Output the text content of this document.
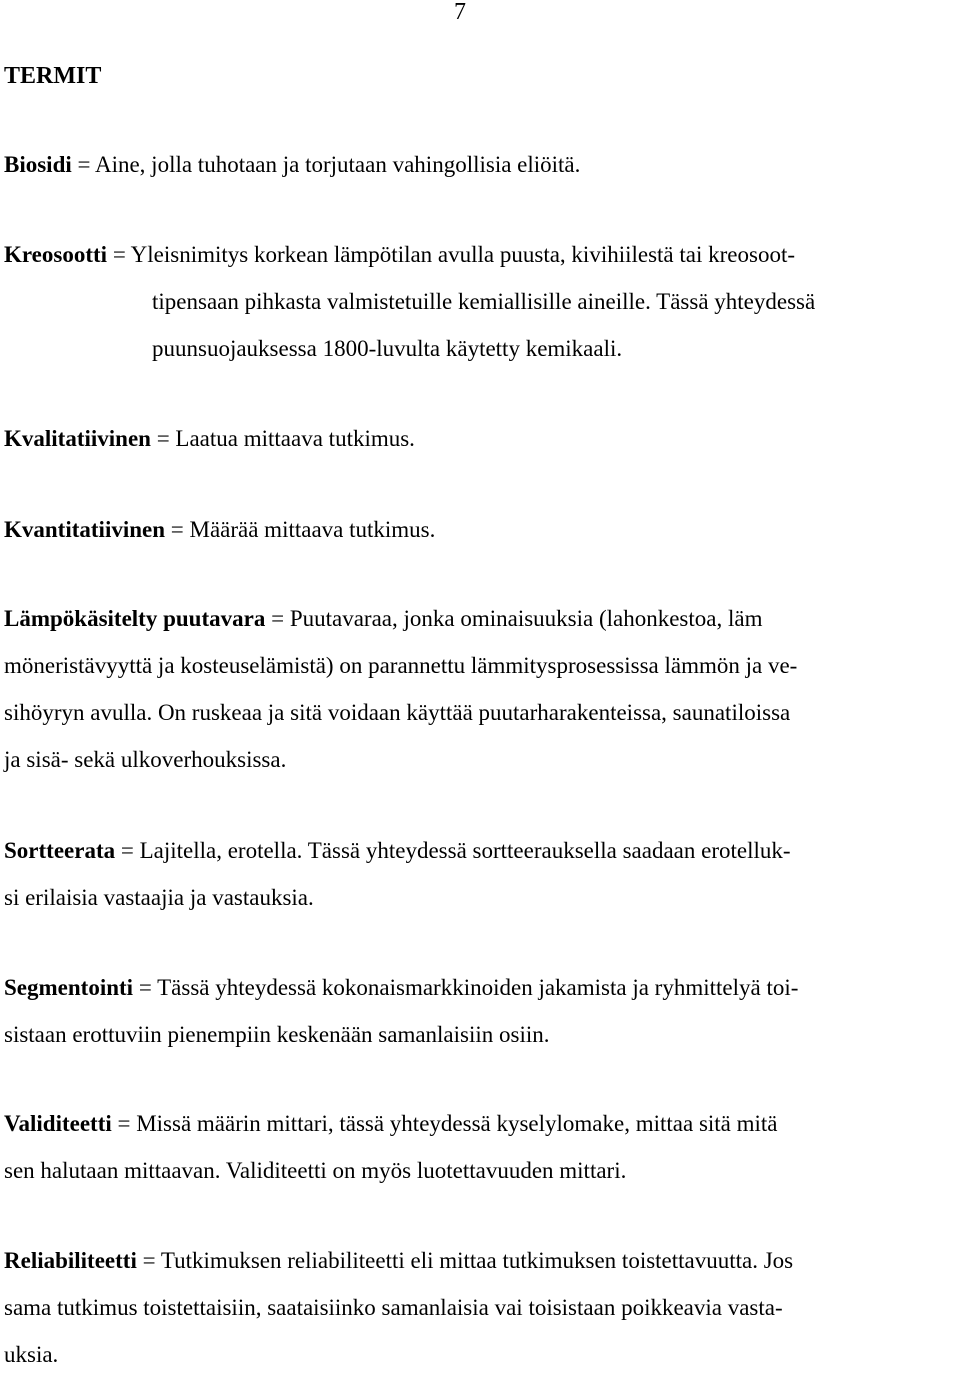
7
TERMIT

Biosidi = Aine, jolla tuhotaan ja torjutaan vahingollisia eliöitä.

Kreosootti = Yleisnimitys korkean lämpötilan avulla puusta, kivihiilestä tai kreosoot-
tipensaan pihkasta valmistetuille kemiallisille aineille. Tässä yhteydessä
puunsuojauksessa 1800-luvulta käytetty kemikaali.

Kvalitatiivinen = Laatua mittaava tutkimus.

Kvantitatiivinen = Määrää mittaava tutkimus.

Lämpökäsitelty puutavara = Puutavaraa, jonka ominaisuuksia (lahonkestoa, läm
möneristävyyttä ja kosteuselämistä) on parannettu lämmitysprosessissa lämmön ja ve-
sihöyryn avulla. On ruskeaa ja sitä voidaan käyttää puutarharakenteissa, saunatiloissa
ja sisä- sekä ulkoverhouksissa.

Sortteerata = Lajitella, erotella. Tässä yhteydessä sortteerauksella saadaan erotelluk-
si erilaisia vastaajia ja vastauksia.

Segmentointi = Tässä yhteydessä kokonaismarkkinoiden jakamista ja ryhmittelyä toi-
sistaan erottuviin pienempiin keskenään samanlaisiin osiin.

Validiteetti = Missä määrin mittari, tässä yhteydessä kyselylomake, mittaa sitä mitä
sen halutaan mittaavan. Validiteetti on myös luotettavuuden mittari.

Reliabiliteetti = Tutkimuksen reliabiliteetti eli mittaa tutkimuksen toistettavuutta. Jos
sama tutkimus toistettaisiin, saataisiinko samanlaisia vai toisistaan poikkeavia vasta-
uksia.
